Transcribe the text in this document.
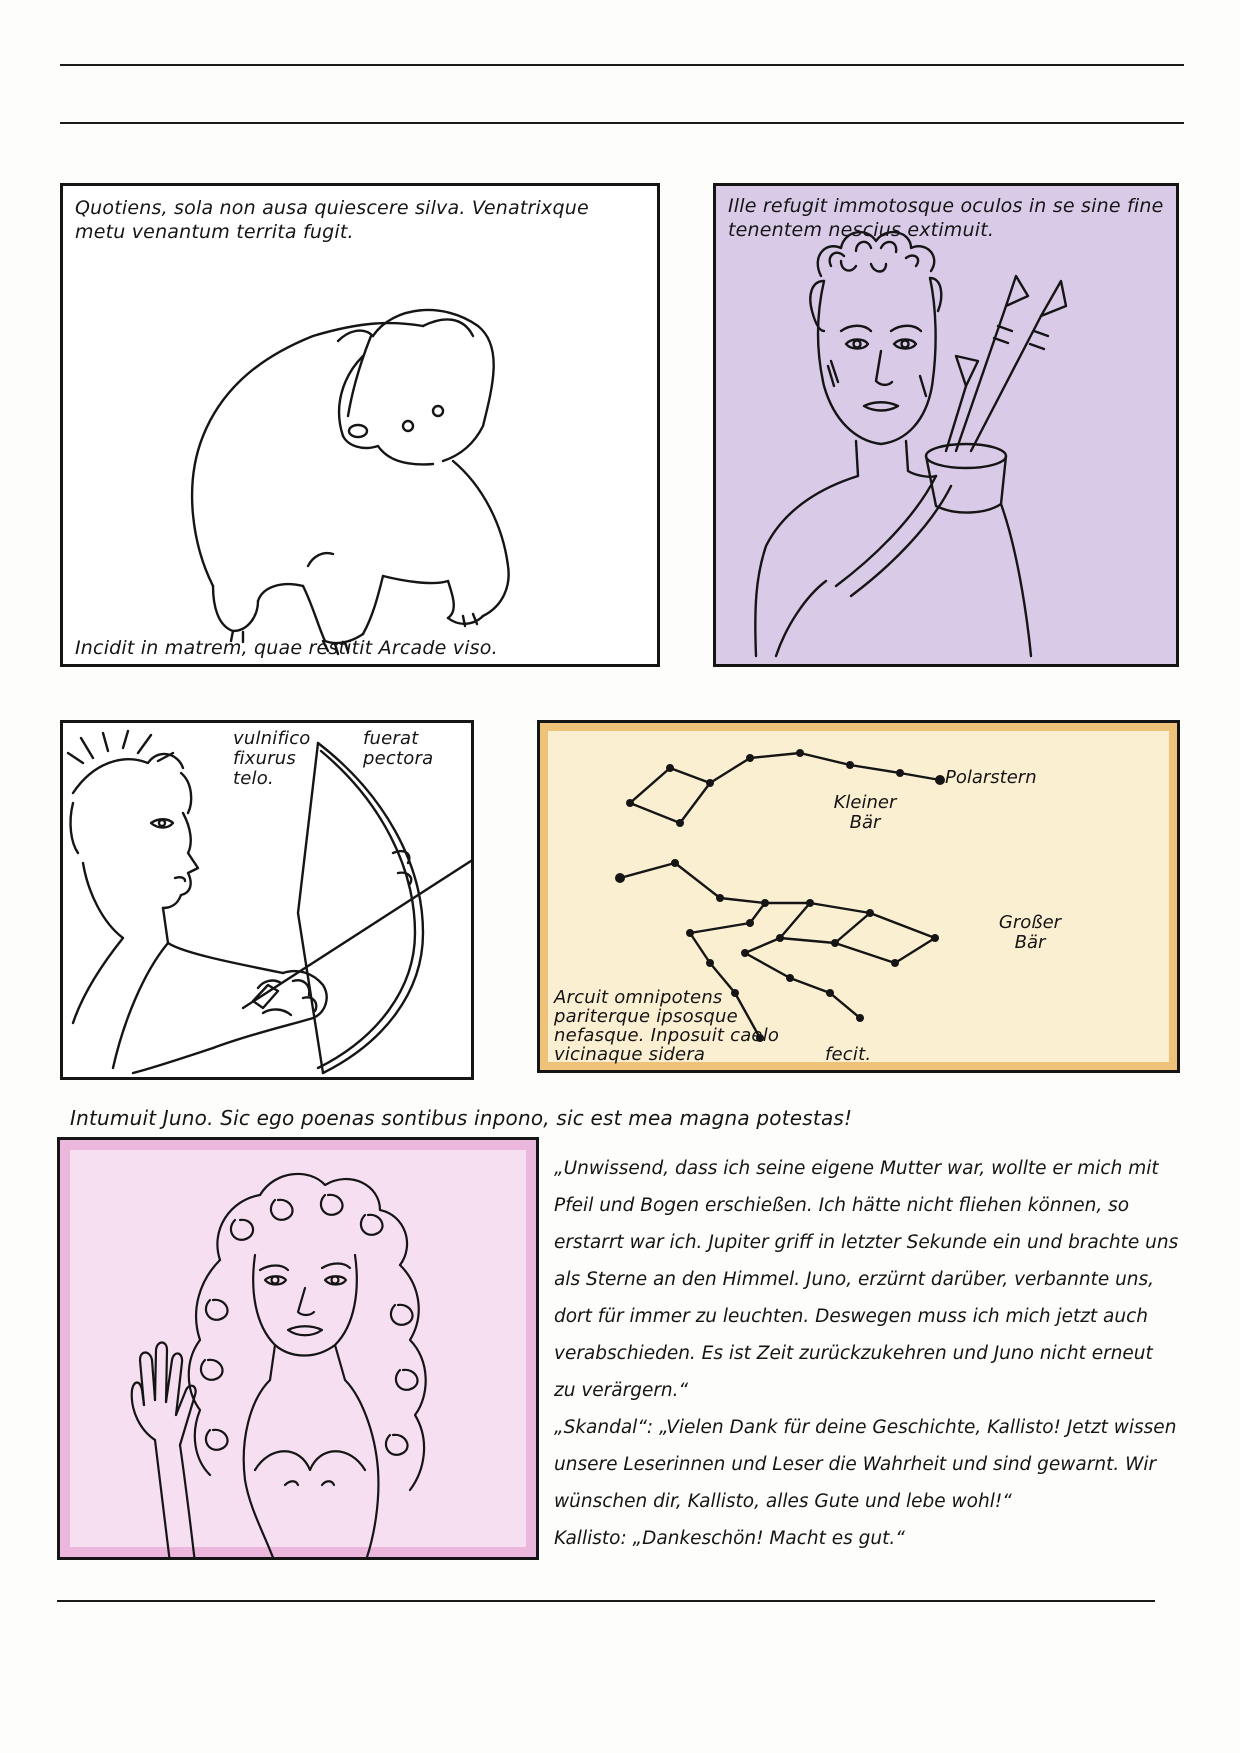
Quotiens, sola non ausa quiescere silva. Venatrixque metu venantum territa fugit.

Incidit in matrem, quae restitit Arcade viso.

Ille refugit immotosque oculos in se sine fine tenentem nescius extimuit.

vulnifico fixurus telo.

fuerat pectora

Polarstern
Kleiner Bär
Großer Bär

Arcuit omnipotens pariterque ipsosque nefasque. Inposuit caelo vicinaque sidera	fecit.

Intumuit Juno. Sic ego poenas sontibus inpono, sic est mea magna potestas!

„Unwissend, dass ich seine eigene Mutter war, wollte er mich mit Pfeil und Bogen erschießen. Ich hätte nicht fliehen können, so erstarrt war ich. Jupiter griff in letzter Sekunde ein und brachte uns als Sterne an den Himmel. Juno, erzürnt darüber, verbannte uns, dort für immer zu leuchten. Deswegen muss ich mich jetzt auch verabschieden. Es ist Zeit zurückzukehren und Juno nicht erneut zu verärgern.“

„Skandal“: „Vielen Dank für deine Geschichte, Kallisto! Jetzt wissen unsere Leserinnen und Leser die Wahrheit und sind gewarnt. Wir wünschen dir, Kallisto, alles Gute und lebe wohl!“

Kallisto: „Dankeschön! Macht es gut.“
